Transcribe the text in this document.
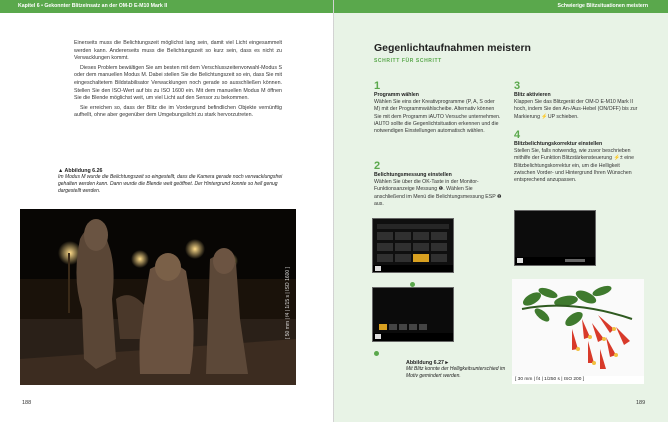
Kapitel 6 • Gekonnter Blitzeinsatz an der OM-D E-M10 Mark II

Einerseits muss die Belichtungszeit möglichst lang sein, damit viel Licht eingesammelt werden kann. Andererseits muss die Belichtungszeit so kurz sein, dass es nicht zu Verwacklungen kommt.

Dieses Problem bewältigen Sie am besten mit dem Verschlusszeitenvorwahl-Modus S oder dem manuellen Modus M. Dabei stellen Sie die Belichtungszeit so ein, dass Sie mit eingeschaltetem Bildstabilisator Verwacklungen noch gerade so ausschließen können. Stellen Sie den ISO-Wert auf bis zu ISO 1600 ein. Mit dem manuellen Modus M öffnen Sie die Blende möglichst weit, um viel Licht auf den Sensor zu bekommen.

Sie erreichen so, dass der Blitz die im Vordergrund befindlichen Objekte vernünftig aufhellt, ohne aber gegenüber dem Umgebungslicht zu stark hervorzutreten.

▲ Abbildung 6.26
Im Modus M wurde die Belichtungszeit so eingestellt, dass die Kamera gerade noch verwacklungsfrei gehalten werden kann. Dann wurde die Blende weit geöffnet. Der Hintergrund konnte so hell genug dargestellt werden.
[ 50 mm | f4 | 1/15 s | ISO 1600 ]
188
Schwierige Blitzsituationen meistern
Gegenlichtaufnahmen meistern
SCHRITT FÜR SCHRITT
1
Programm wählen
Wählen Sie eins der Kreativprogramme (P, A, S oder M) mit der Programmwählscheibe. Alternativ können Sie mit dem Programm iAUTO Versuche unternehmen. iAUTO sollte die Gegenlichtsituation erkennen und die notwendigen Einstellungen automatisch wählen.
2
Belichtungsmessung einstellen
Wählen Sie über die OK-Taste in der Monitor-Funktionsanzeige Messung ❶. Wählen Sie anschließend im Menü die Belichtungsmessung ESP ❷ aus.
3
Blitz aktivieren
Klappen Sie das Blitzgerät der OM-D E-M10 Mark II hoch, indem Sie den An-/Aus-Hebel (ON/OFF) bis zur Markierung ⚡UP schieben.
4
Blitzbelichtungskorrektur einstellen
Stellen Sie, falls notwendig, wie zuvor beschrieben mithilfe der Funktion Blitzstärkensteuerung ⚡± eine Blitzbelichtungskorrektur ein, um die Helligkeit zwischen Vorder- und Hintergrund Ihren Wünschen entsprechend anzupassen.
Abbildung 6.27 ▸
Mit Blitz konnte der Helligkeitsunterschied im Motiv gemindert werden.
[ 30 mm | f4 | 1/250 s | ISO 200 ]
189
